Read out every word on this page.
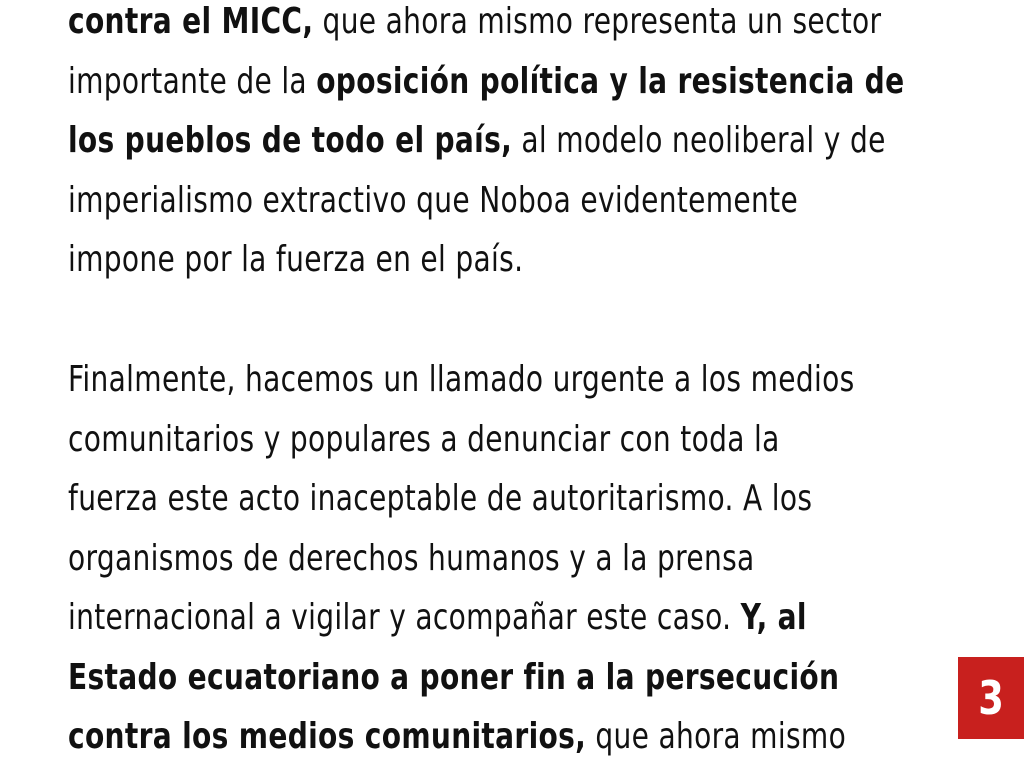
contra el MICC, que ahora mismo representa un sector
importante de la oposición política y la resistencia de
los pueblos de todo el país, al modelo neoliberal y de
imperialismo extractivo que Noboa evidentemente
impone por la fuerza en el país.
Finalmente, hacemos un llamado urgente a los medios
comunitarios y populares a denunciar con toda la
fuerza este acto inaceptable de autoritarismo. A los
organismos de derechos humanos y a la prensa
internacional a vigilar y acompañar este caso. Y, al
Estado ecuatoriano a poner fin a la persecución
contra los medios comunitarios, que ahora mismo
3
